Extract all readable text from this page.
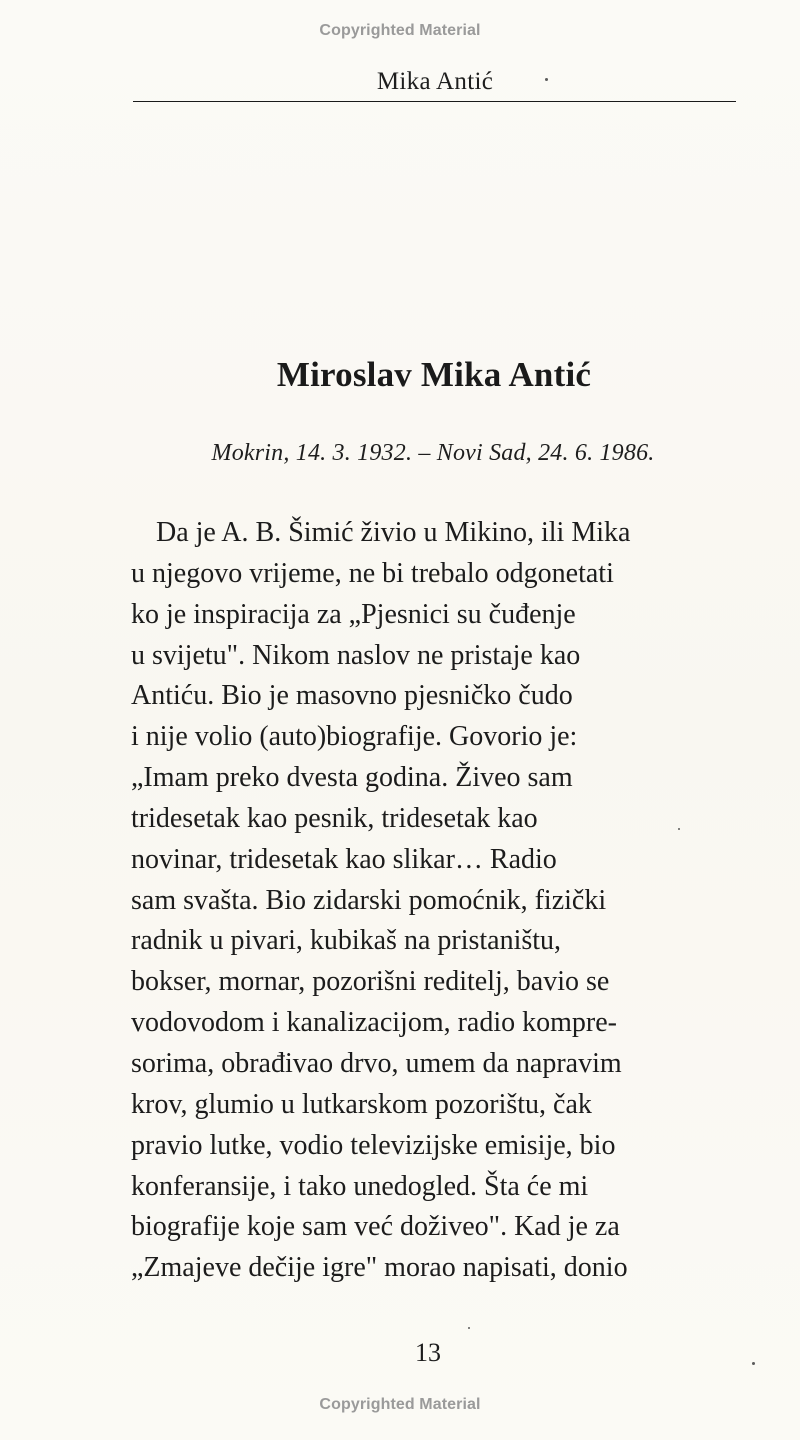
Copyrighted Material
Mika Antić
Miroslav Mika Antić
Mokrin, 14. 3. 1932. – Novi Sad, 24. 6. 1986.
Da je A. B. Šimić živio u Mikino, ili Mika
u njegovo vrijeme, ne bi trebalo odgonetati
ko je inspiracija za „Pjesnici su čuđenje
u svijetu". Nikom naslov ne pristaje kao
Antiću. Bio je masovno pjesničko čudo
i nije volio (auto)biografije. Govorio je:
„Imam preko dvesta godina. Živeo sam
tridesetak kao pesnik, tridesetak kao
novinar, tridesetak kao slikar… Radio
sam svašta. Bio zidarski pomoćnik, fizički
radnik u pivari, kubikaš na pristaništu,
bokser, mornar, pozorišni reditelj, bavio se
vodovodom i kanalizacijom, radio kompre-
sorima, obrađivao drvo, umem da napravim
krov, glumio u lutkarskom pozorištu, čak
pravio lutke, vodio televizijske emisije, bio
konferansije, i tako unedogled. Šta će mi
biografije koje sam već doživeo". Kad je za
„Zmajeve dečije igre" morao napisati, donio
13
Copyrighted Material
